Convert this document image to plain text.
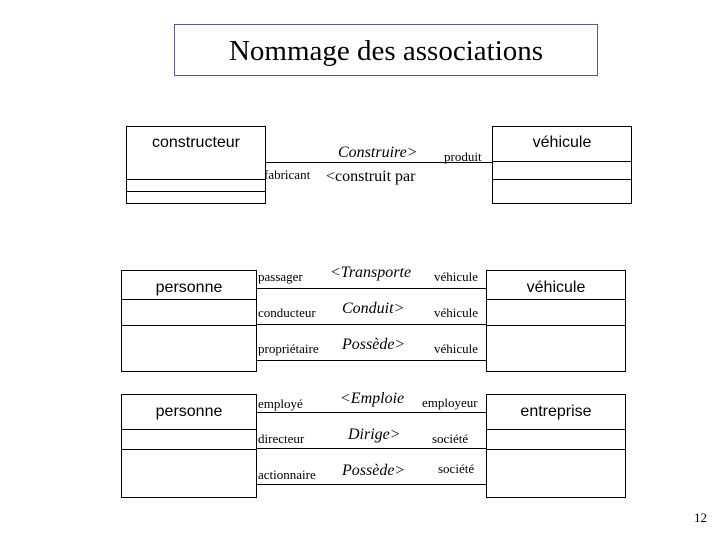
Nommage des associations
constructeur	véhicule
Construire> produit
fabricant <construit par
personne	véhicule
passager <Transporte véhicule
conducteur Conduit> véhicule
propriétaire Possède> véhicule
personne	entreprise
employé <Emploie employeur
directeur	Dirige> société
actionnaire Possède>	société
12
